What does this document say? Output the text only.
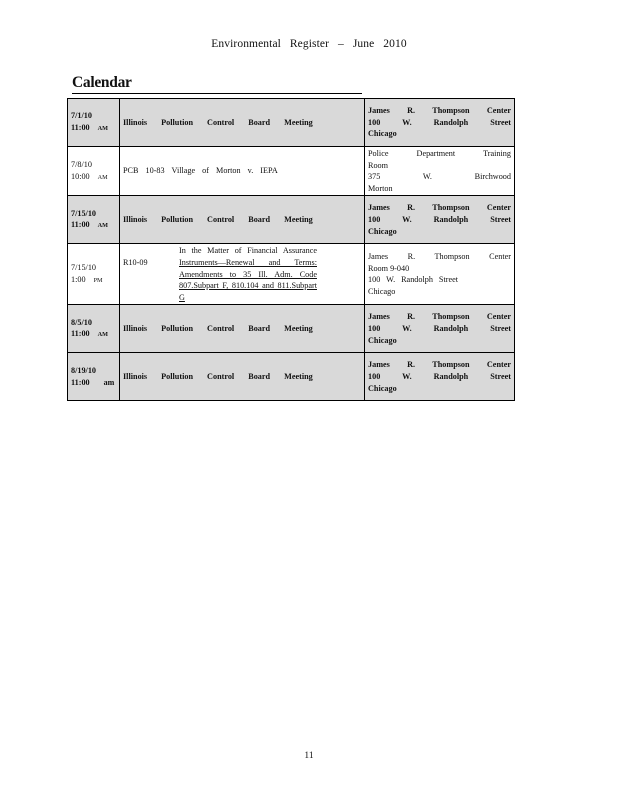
Environmental Register – June 2010
Calendar
7/1/10
11:00 AM	Illinois Pollution Control Board Meeting	James R. Thompson Center
100 W. Randolph Street
Chicago

7/8/10
10:00 AM	PCB 10-83 Village of Morton v. IEPA	Police Department Training
Room
375 W. Birchwood
Morton

7/15/10
11:00 AM	Illinois Pollution Control Board Meeting	James R. Thompson Center
100 W. Randolph Street
Chicago

7/15/10
1:00 PM	R10-09
In the Matter of Financial Assurance
Instruments—Renewal and Terms:
Amendments to 35 Ill. Adm. Code
807.Subpart F, 810.104 and 811.Subpart G	James R. Thompson Center
Room 9-040
100 W. Randolph Street
Chicago

8/5/10
11:00 AM	Illinois Pollution Control Board Meeting	James R. Thompson Center
100 W. Randolph Street
Chicago

8/19/10
11:00 am	Illinois Pollution Control Board Meeting	James R. Thompson Center
100 W. Randolph Street
Chicago
11
